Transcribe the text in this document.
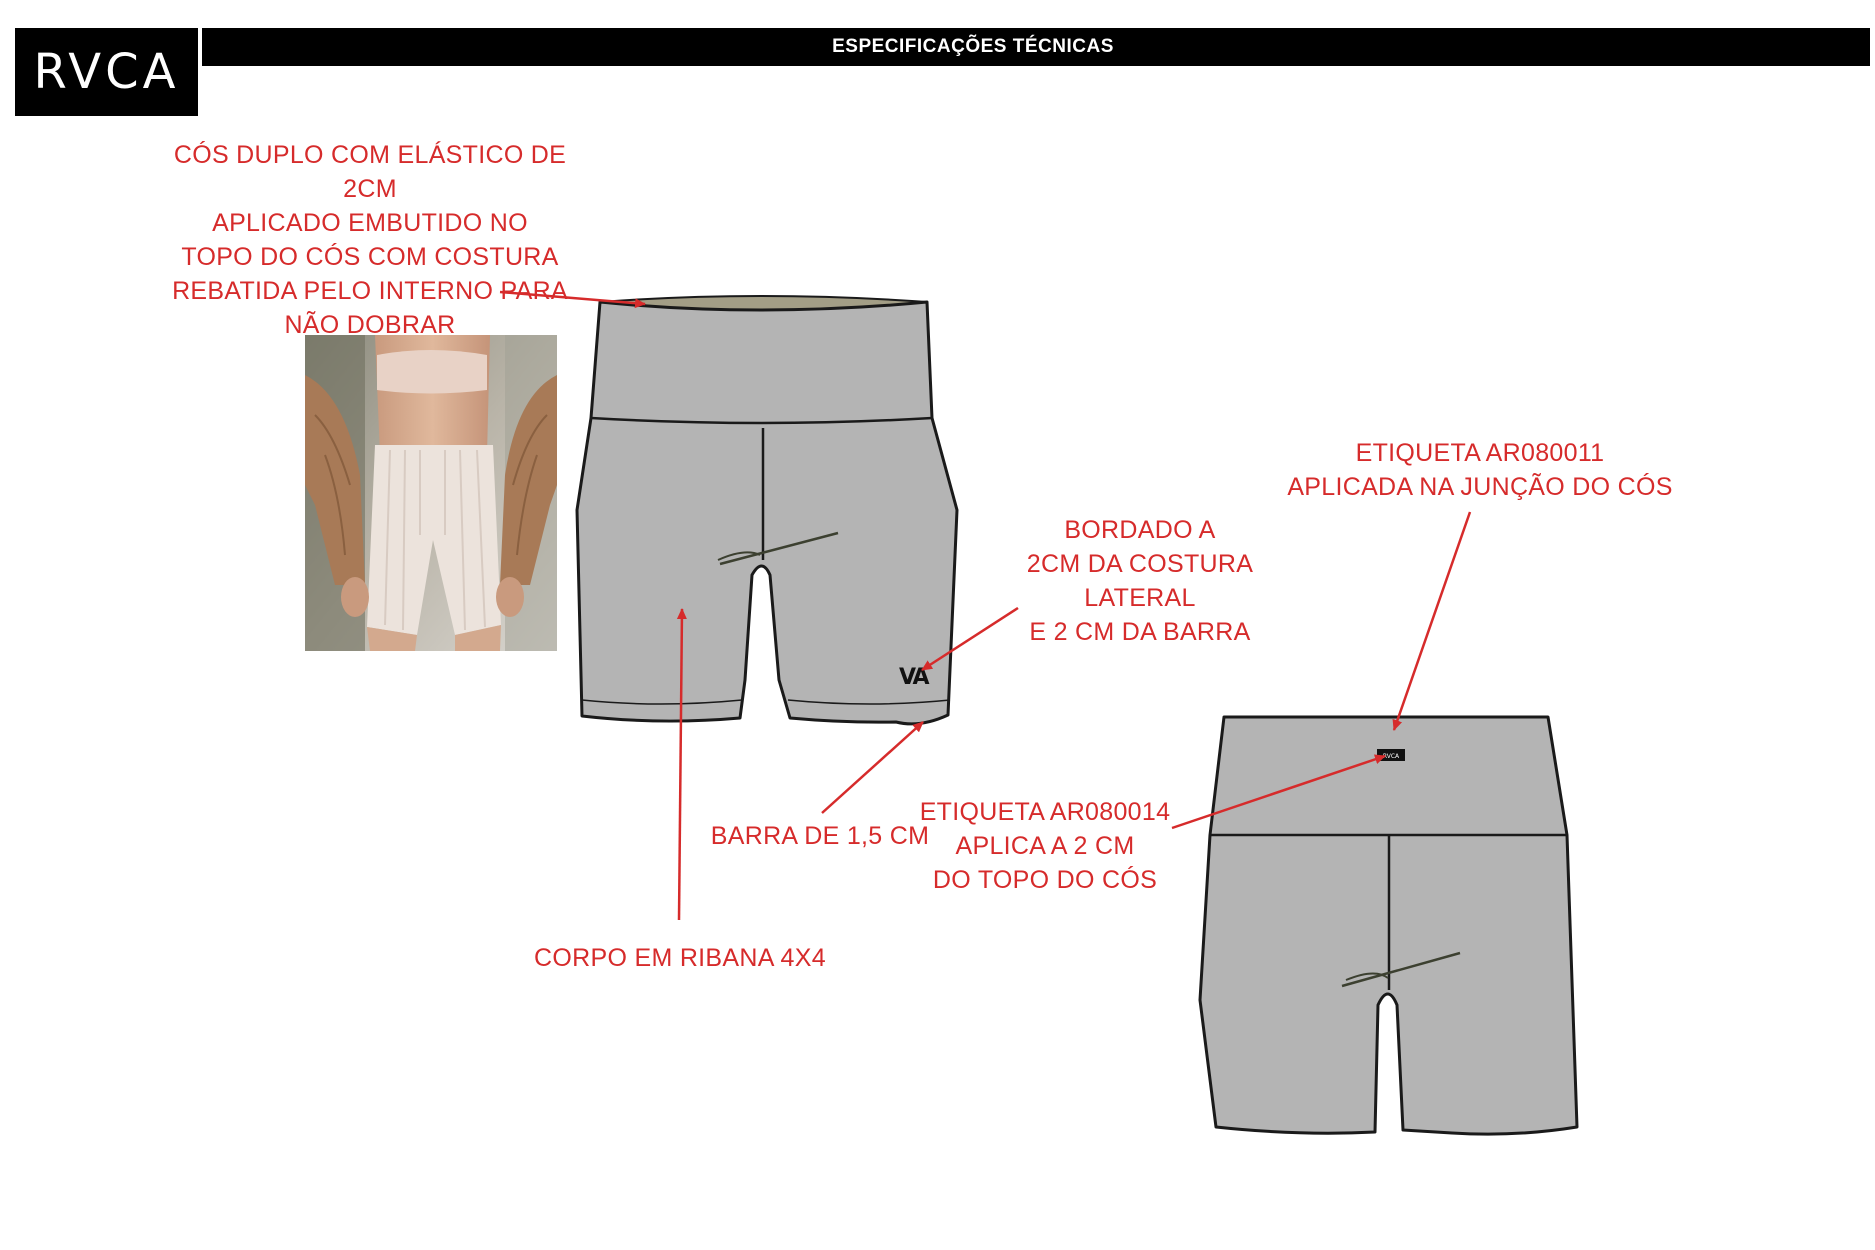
RVCA	ESPECIFICAÇÕES TÉCNICAS
VA
RVCA
CÓS DUPLO COM ELÁSTICO DE 2CM
APLICADO EMBUTIDO NO
TOPO DO CÓS COM COSTURA
REBATIDA PELO INTERNO PARA
NÃO DOBRAR
BORDADO A
2CM DA COSTURA LATERAL
E 2 CM DA BARRA
BARRA DE 1,5 CM
CORPO EM RIBANA 4X4
ETIQUETA AR080011
APLICADA NA JUNÇÃO DO CÓS
ETIQUETA AR080014
APLICA A 2 CM
DO TOPO DO CÓS
